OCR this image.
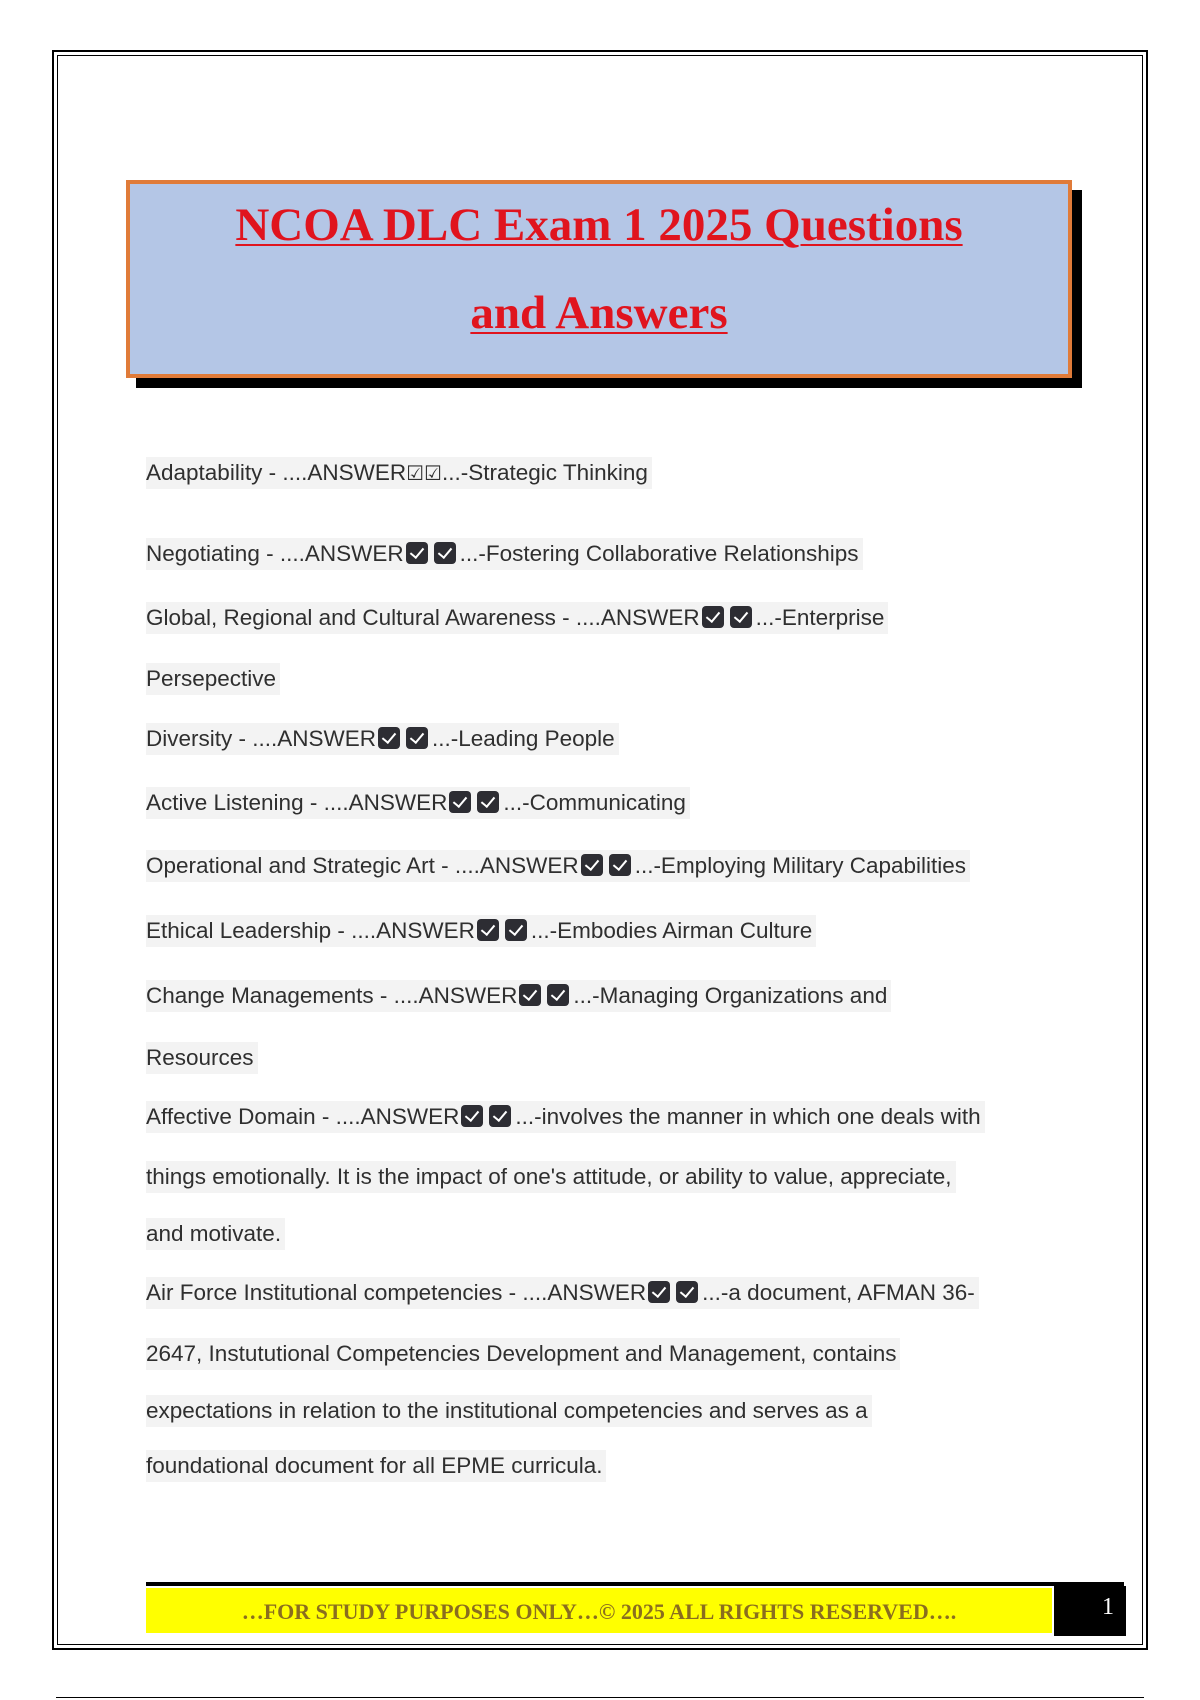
NCOA DLC Exam 1 2025 Questions
and Answers
Adaptability - ....ANSWER☑☑...-Strategic Thinking
Negotiating - ....ANSWER ...-Fostering Collaborative Relationships
Global, Regional and Cultural Awareness - ....ANSWER ...-Enterprise
Persepective
Diversity - ....ANSWER ...-Leading People
Active Listening - ....ANSWER ...-Communicating
Operational and Strategic Art - ....ANSWER ...-Employing Military Capabilities
Ethical Leadership - ....ANSWER ...-Embodies Airman Culture
Change Managements - ....ANSWER ...-Managing Organizations and
Resources
Affective Domain - ....ANSWER ...-involves the manner in which one deals with
things emotionally. It is the impact of one's attitude, or ability to value, appreciate,
and motivate.
Air Force Institutional competencies - ....ANSWER ...-a document, AFMAN 36-
2647, Instututional Competencies Development and Management, contains
expectations in relation to the institutional competencies and serves as a
foundational document for all EPME curricula.
…FOR STUDY PURPOSES ONLY…© 2025 ALL RIGHTS RESERVED….	1
